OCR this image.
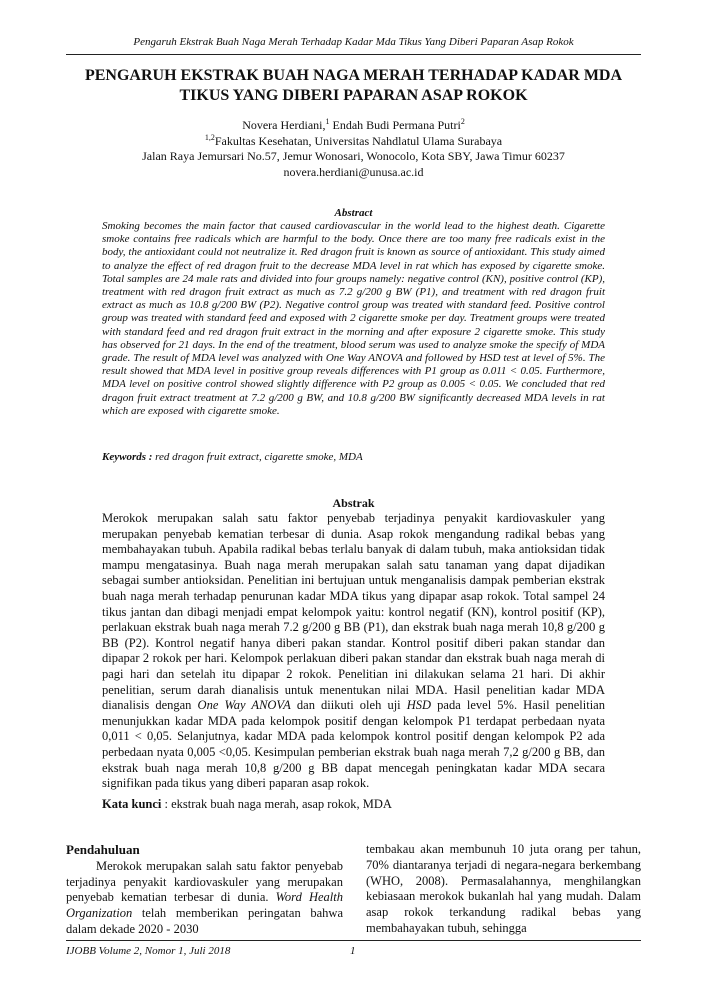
Pengaruh Ekstrak Buah Naga Merah Terhadap Kadar Mda Tikus Yang Diberi Paparan Asap Rokok
PENGARUH EKSTRAK BUAH NAGA MERAH TERHADAP KADAR MDA
TIKUS YANG DIBERI PAPARAN ASAP ROKOK
Novera Herdiani,$^1$ Endah Budi Permana Putri$^2$
$^{1,2}$Fakultas Kesehatan, Universitas Nahdlatul Ulama Surabaya
Jalan Raya Jemursari No.57, Jemur Wonosari, Wonocolo, Kota SBY, Jawa Timur 60237
novera.herdiani@unusa.ac.id
Abstract

Smoking becomes the main factor that caused cardiovascular in the world lead to the highest death. Cigarette smoke contains free radicals which are harmful to the body. Once there are too many free radicals exist in the body, the antioxidant could not neutralize it. Red dragon fruit is known as source of antioxidant. This study aimed to analyze the effect of red dragon fruit to the decrease MDA level in rat which has exposed by cigarette smoke. Total samples are 24 male rats and divided into four groups namely: negative control (KN), positive control (KP), treatment with red dragon fruit extract as much as 7.2 g/200 g BW (P1), and treatment with red dragon fruit extract as much as 10.8 g/200 BW (P2). Negative control group was treated with standard feed. Positive control group was treated with standard feed and exposed with 2 cigarette smoke per day. Treatment groups were treated with standard feed and red dragon fruit extract in the morning and after exposure 2 cigarette smoke. This study has observed for 21 days. In the end of the treatment, blood serum was used to analyze smoke the specify of MDA grade. The result of MDA level was analyzed with One Way ANOVA and followed by HSD test at level of 5%. The result showed that MDA level in positive group reveals differences with P1 group as 0.011 < 0.05. Furthermore, MDA level on positive control showed slightly difference with P2 group as 0.005 < 0.05. We concluded that red dragon fruit extract treatment at 7.2 g/200 g BW, and 10.8 g/200 BW significantly decreased MDA levels in rat which are exposed with cigarette smoke.

Keywords : red dragon fruit extract, cigarette smoke, MDA
Abstrak

Merokok merupakan salah satu faktor penyebab terjadinya penyakit kardiovaskuler yang merupakan penyebab kematian terbesar di dunia. Asap rokok mengandung radikal bebas yang membahayakan tubuh. Apabila radikal bebas terlalu banyak di dalam tubuh, maka antioksidan tidak mampu mengatasinya. Buah naga merah merupakan salah satu tanaman yang dapat dijadikan sebagai sumber antioksidan. Penelitian ini bertujuan untuk menganalisis dampak pemberian ekstrak buah naga merah terhadap penurunan kadar MDA tikus yang dipapar asap rokok. Total sampel 24 tikus jantan dan dibagi menjadi empat kelompok yaitu: kontrol negatif (KN), kontrol positif (KP), perlakuan ekstrak buah naga merah 7.2 g/200 g BB (P1), dan ekstrak buah naga merah 10,8 g/200 g BB (P2). Kontrol negatif hanya diberi pakan standar. Kontrol positif diberi pakan standar dan dipapar 2 rokok per hari. Kelompok perlakuan diberi pakan standar dan ekstrak buah naga merah di pagi hari dan setelah itu dipapar 2 rokok. Penelitian ini dilakukan selama 21 hari. Di akhir penelitian, serum darah dianalisis untuk menentukan nilai MDA. Hasil penelitian kadar MDA dianalisis dengan One Way ANOVA dan diikuti oleh uji HSD pada level 5%. Hasil penelitian menunjukkan kadar MDA pada kelompok positif dengan kelompok P1 terdapat perbedaan nyata 0,011 < 0,05. Selanjutnya, kadar MDA pada kelompok kontrol positif dengan kelompok P2 ada perbedaan nyata 0,005 <0,05. Kesimpulan pemberian ekstrak buah naga merah 7,2 g/200 g BB, dan ekstrak buah naga merah 10,8 g/200 g BB dapat mencegah peningkatan kadar MDA secara signifikan pada tikus yang diberi paparan asap rokok.

Kata kunci : ekstrak buah naga merah, asap rokok, MDA
Pendahuluan

Merokok merupakan salah satu faktor penyebab terjadinya penyakit kardiovaskuler yang merupakan penyebab kematian terbesar di dunia. Word Health Organization telah memberikan peringatan bahwa dalam dekade 2020 - 2030

tembakau akan membunuh 10 juta orang per tahun, 70% diantaranya terjadi di negara-negara berkembang (WHO, 2008). Permasalahannya, menghilangkan kebiasaan merokok bukanlah hal yang mudah. Dalam asap rokok terkandung radikal bebas yang membahayakan tubuh, sehingga

IJOBB Volume 2, Nomor 1, Juli 2018	1
